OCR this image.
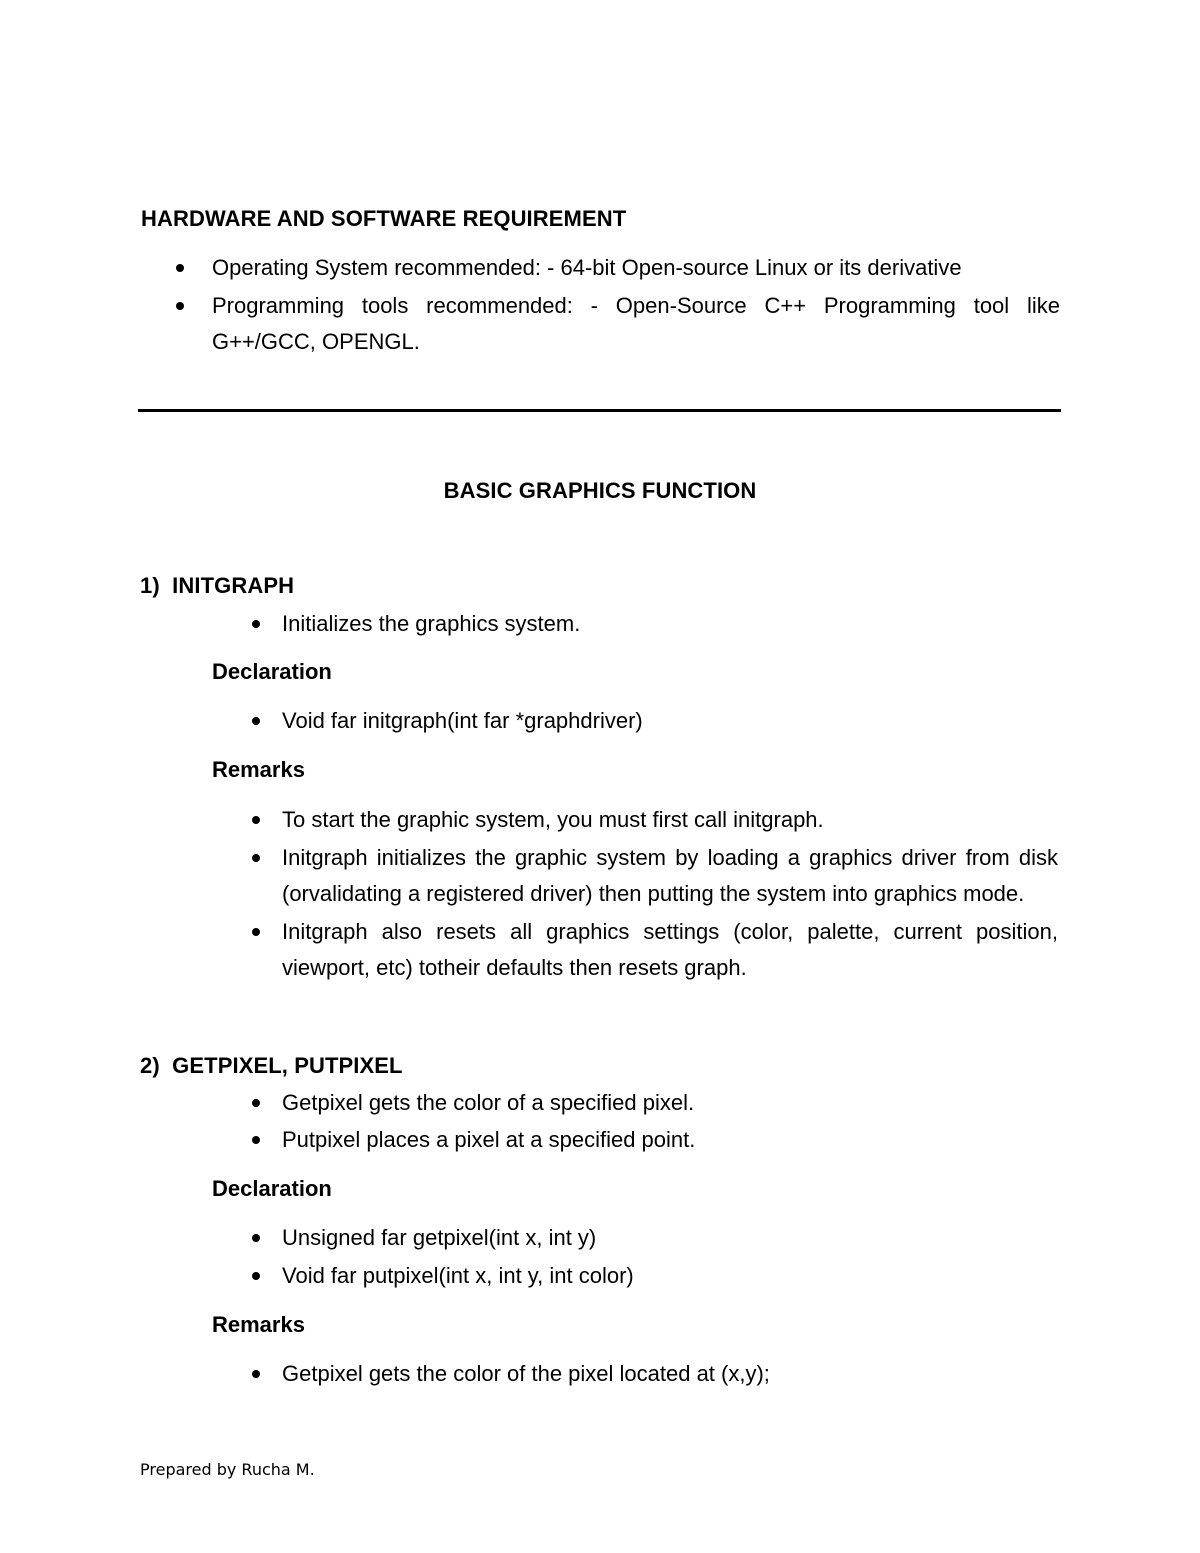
HARDWARE AND SOFTWARE REQUIREMENT
Operating System recommended: - 64-bit Open-source Linux or its derivative
Programming tools recommended: - Open-Source C++ Programming tool like G++/GCC, OPENGL.
BASIC GRAPHICS FUNCTION
1)  INITGRAPH
Initializes the graphics system.
Declaration
Void far initgraph(int far *graphdriver)
Remarks
To start the graphic system, you must first call initgraph.
Initgraph initializes the graphic system by loading a graphics driver from disk (orvalidating a registered driver) then putting the system into graphics mode.
Initgraph also resets all graphics settings (color, palette, current position, viewport, etc) totheir defaults then resets graph.
2)  GETPIXEL, PUTPIXEL
Getpixel gets the color of a specified pixel.
Putpixel places a pixel at a specified point.
Declaration
Unsigned far getpixel(int x, int y)
Void far putpixel(int x, int y, int color)
Remarks
Getpixel gets the color of the pixel located at (x,y);
Prepared by Rucha M.
